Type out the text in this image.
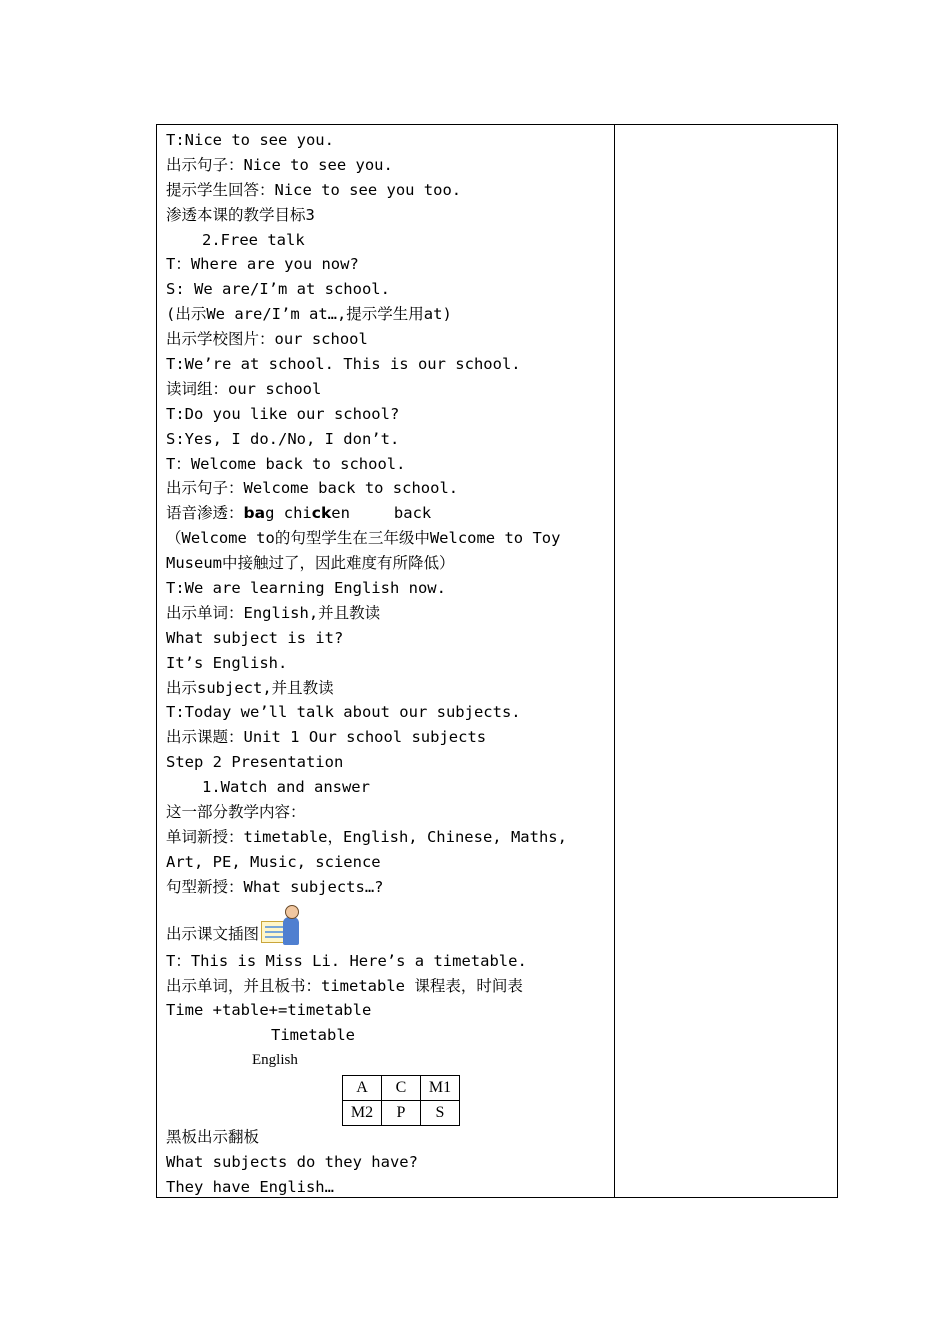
T:Nice to see you.
出示句子：Nice to see you.
提示学生回答：Nice to see you too.
渗透本课的教学目标3
2.Free talk
T：Where are you now?
S: We are/I’m at school.
(出示We are/I’m at…,提示学生用at)
出示学校图片：our school
T:We’re at school. This is our school.
读词组：our school
T:Do you like our school?
S:Yes, I do./No, I don’t.
T：Welcome back to school.
出示句子：Welcome back to school.
语音渗透：bag chicken	back
（Welcome to的句型学生在三年级中Welcome to Toy
Museum中接触过了，因此难度有所降低）
T:We are learning English now.
出示单词：English,并且教读
What subject is it?
It’s English.
出示subject,并且教读
T:Today we’ll talk about our subjects.
出示课题：Unit 1 Our school subjects
Step 2 Presentation
1.Watch and answer
这一部分教学内容：
单词新授：timetable，English, Chinese, Maths,
Art, PE, Music, science
句型新授：What subjects…?

出示课文插图

T：This is Miss Li. Here’s a timetable.
出示单词，并且板书：timetable 课程表，时间表
Time +table+=timetable
Timetable
English
A	C	M1
M2	P	S
黑板出示翻板
What subjects do they have?
They have English…
